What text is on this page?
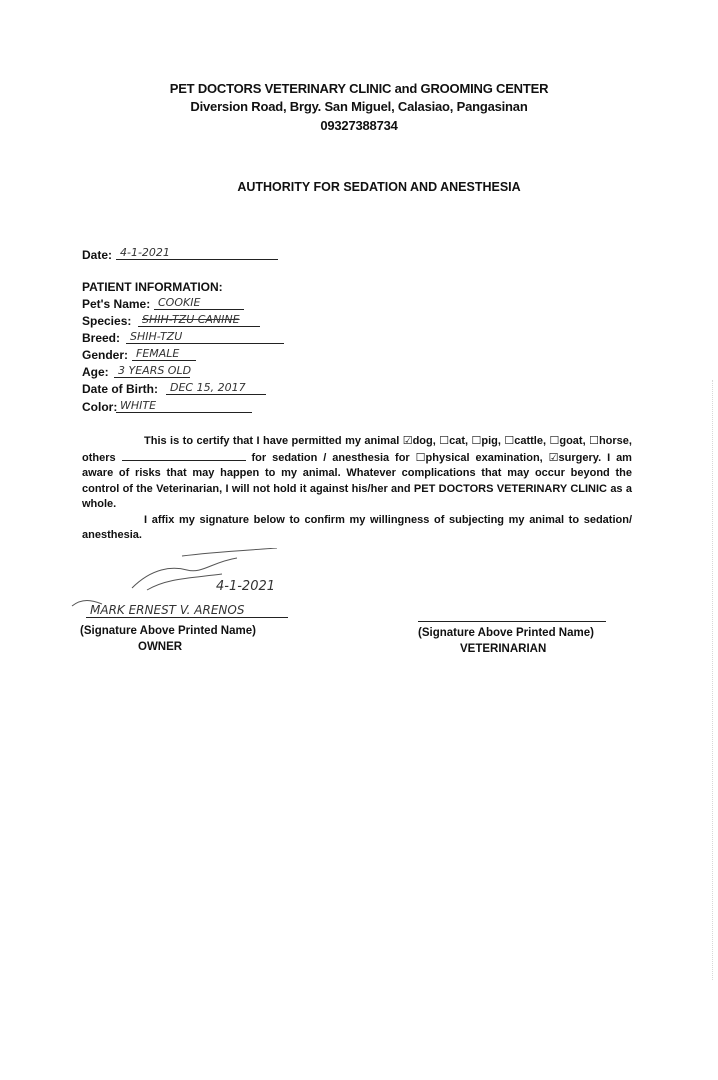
PET DOCTORS VETERINARY CLINIC and GROOMING CENTER
Diversion Road, Brgy. San Miguel, Calasiao, Pangasinan
09327388734
AUTHORITY FOR SEDATION AND ANESTHESIA
Date: 4-1-2021
PATIENT INFORMATION:
Pet's Name: COOKIE
Species: SHIH-TZU CANINE
Breed: SHIH-TZU
Gender: FEMALE
Age: 3 YEARS OLD
Date of Birth:	DEC 15, 2017
Color: WHITE
This is to certify that I have permitted my animal ☑dog, ☐cat, ☐pig, ☐cattle, ☐goat, ☐horse, others	for sedation / anesthesia for ☐physical examination, ☑surgery. I am aware of risks that may happen to my animal. Whatever complications that may occur beyond the control of the Veterinarian, I will not hold it against his/her and PET DOCTORS VETERINARY CLINIC as a whole.
I affix my signature below to confirm my willingness of subjecting my animal to sedation/ anesthesia.
4-1-2021
MARK ERNEST V. ARENOS
(Signature Above Printed Name)
OWNER
(Signature Above Printed Name)
VETERINARIAN
